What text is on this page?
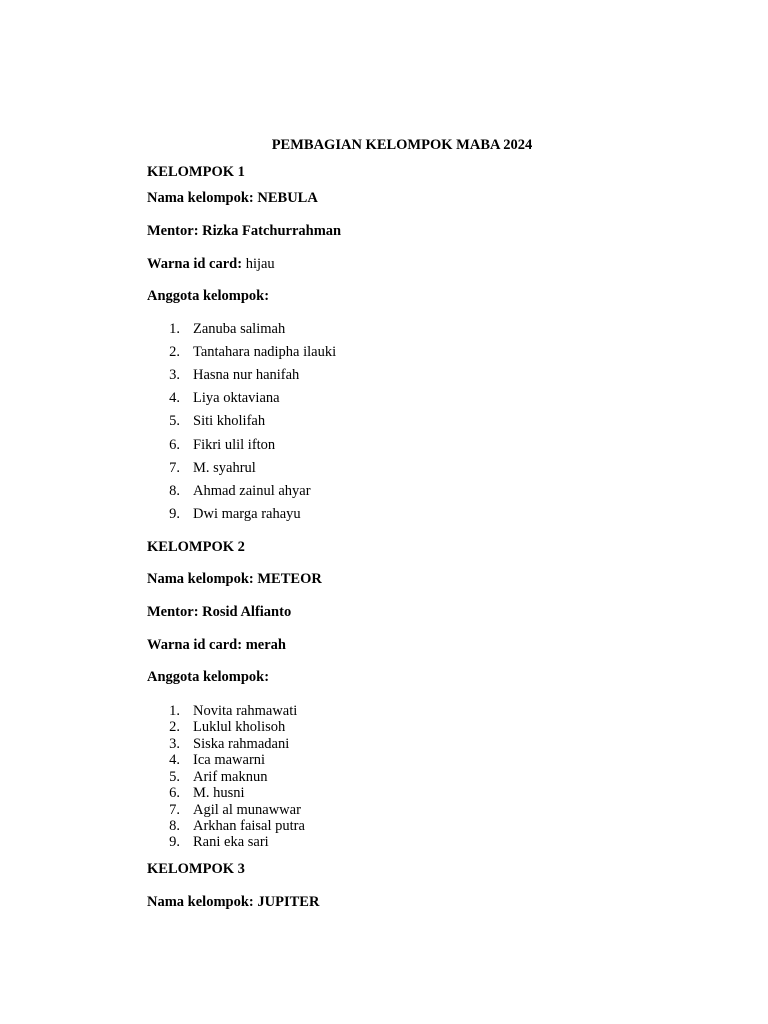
PEMBAGIAN KELOMPOK MABA 2024
KELOMPOK 1
Nama kelompok: NEBULA
Mentor: Rizka Fatchurrahman
Warna id card: hijau
Anggota kelompok:
1. Zanuba salimah
2. Tantahara nadipha ilauki
3. Hasna nur hanifah
4. Liya oktaviana
5. Siti kholifah
6. Fikri ulil ifton
7. M. syahrul
8. Ahmad zainul ahyar
9. Dwi marga rahayu
KELOMPOK 2
Nama kelompok: METEOR
Mentor: Rosid Alfianto
Warna id card: merah
Anggota kelompok:
1. Novita rahmawati
2. Luklul kholisoh
3. Siska rahmadani
4. Ica mawarni
5. Arif maknun
6. M. husni
7. Agil al munawwar
8. Arkhan faisal putra
9. Rani eka sari
KELOMPOK 3
Nama kelompok: JUPITER
